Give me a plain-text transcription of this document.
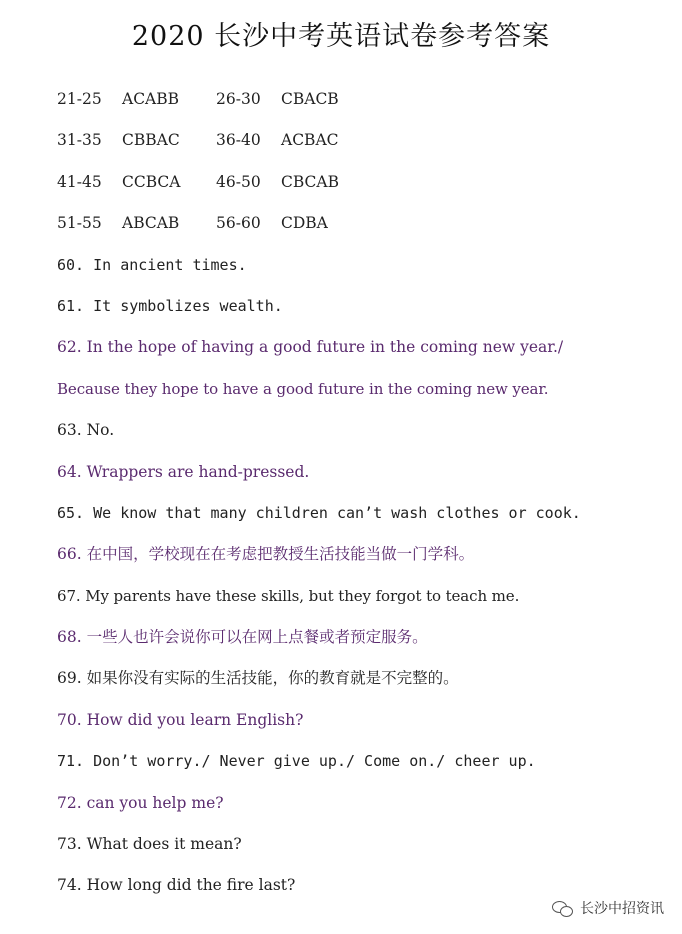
2020 长沙中考英语试卷参考答案
21-25 ACABB 26-30 CBACB
31-35 CBBAC 36-40 ACBAC
41-45 CCBCA 46-50 CBCAB
51-55 ABCAB 56-60 CDBA
60. In ancient times.
61. It symbolizes wealth.
62. In the hope of having a good future in the coming new year./
Because they hope to have a good future in the coming new year.
63. No.
64. Wrappers are hand-pressed.
65. We know that many children can’t wash clothes or cook.
66. 在中国，学校现在在考虑把教授生活技能当做一门学科。
67. My parents have these skills, but they forgot to teach me.
68. 一些人也许会说你可以在网上点餐或者预定服务。
69. 如果你没有实际的生活技能，你的教育就是不完整的。
70. How did you learn English?
71. Don’t worry./ Never give up./ Come on./ cheer up.
72. can you help me?
73. What does it mean?
74. How long did the fire last?
长沙中招资讯
